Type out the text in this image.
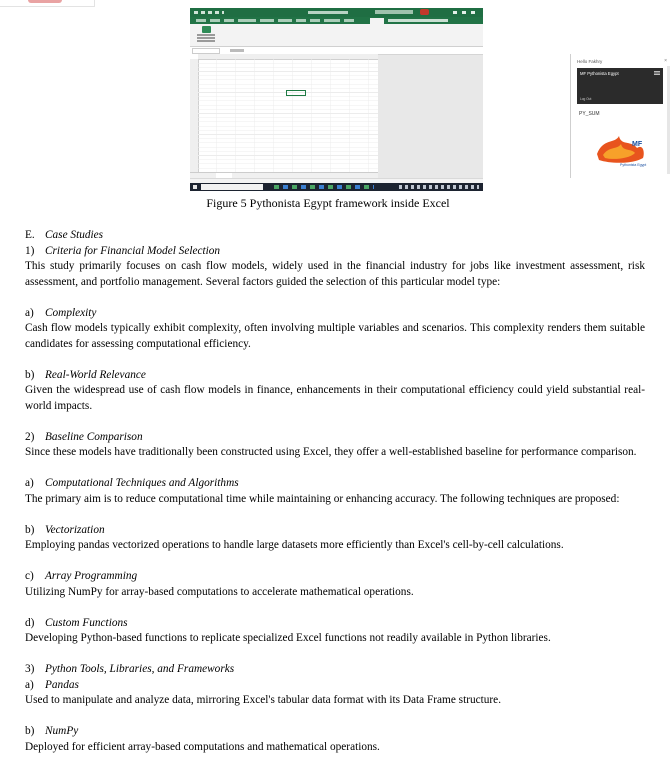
Hello Fakhry	×
MF Pythonista Egypt
Log Out
PY_SUM
MF
Pythonista Egypt
Figure 5 Pythonista Egypt framework inside Excel
E. Case Studies
1) Criteria for Financial Model Selection

This study primarily focuses on cash flow models, widely used in the financial industry for jobs like investment assessment, risk assessment, and portfolio management. Several factors guided the selection of this particular model type:

a) Complexity

Cash flow models typically exhibit complexity, often involving multiple variables and scenarios. This complexity renders them suitable candidates for assessing computational efficiency.

b) Real-World Relevance

Given the widespread use of cash flow models in finance, enhancements in their computational efficiency could yield substantial real-world impacts.

2) Baseline Comparison

Since these models have traditionally been constructed using Excel, they offer a well-established baseline for performance comparison.

a) Computational Techniques and Algorithms

The primary aim is to reduce computational time while maintaining or enhancing accuracy. The following techniques are proposed:

b) Vectorization

Employing pandas vectorized operations to handle large datasets more efficiently than Excel's cell-by-cell calculations.

c) Array Programming

Utilizing NumPy for array-based computations to accelerate mathematical operations.

d) Custom Functions

Developing Python-based functions to replicate specialized Excel functions not readily available in Python libraries.

3) Python Tools, Libraries, and Frameworks
a) Pandas

Used to manipulate and analyze data, mirroring Excel's tabular data format with its Data Frame structure.

b) NumPy

Deployed for efficient array-based computations and mathematical operations.
